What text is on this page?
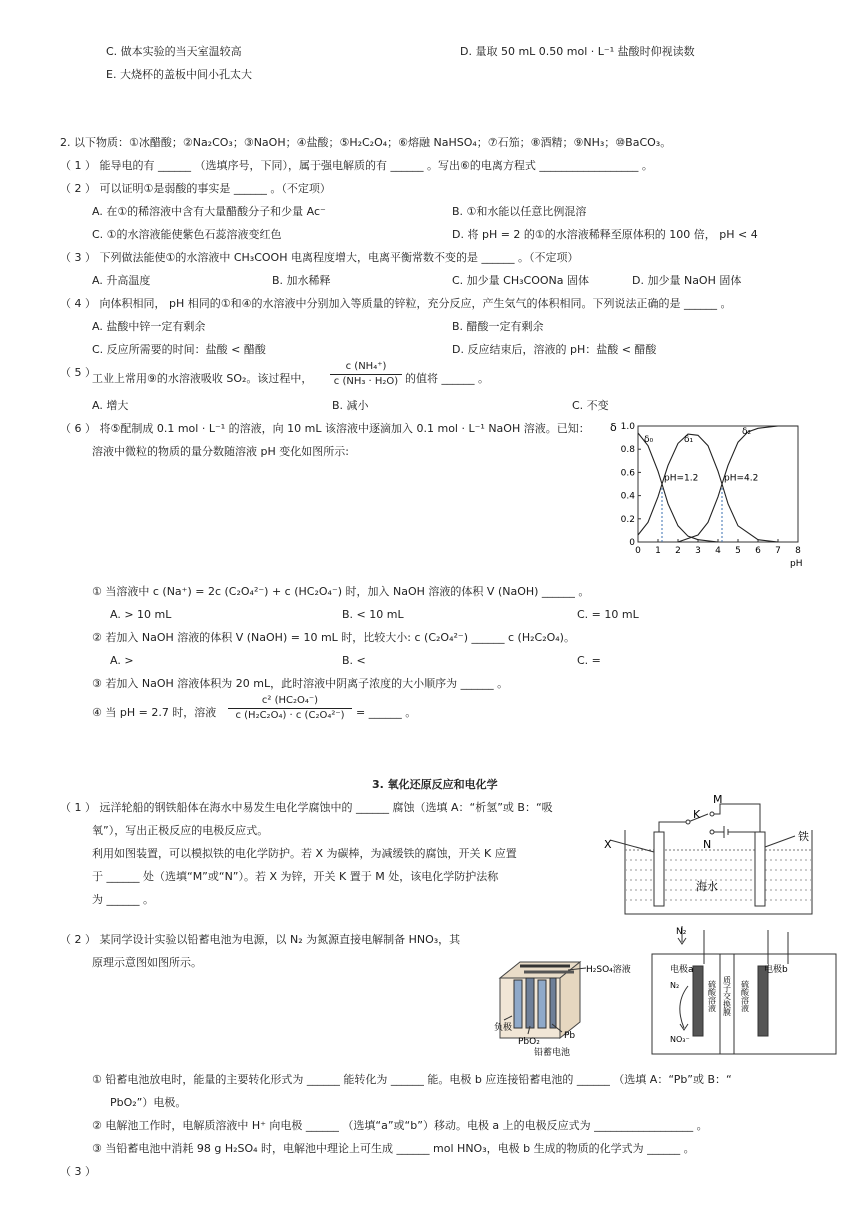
C. 做本实验的当天室温较高	D. 量取 50 mL 0.50 mol · L⁻¹ 盐酸时仰视读数
E. 大烧杯的盖板中间小孔太大
2. 以下物质：①冰醋酸；②Na₂CO₃；③NaOH；④盐酸；⑤H₂C₂O₄；⑥熔融 NaHSO₄；⑦石笳；⑧酒精；⑨NH₃；⑩BaCO₃。
（ 1 ） 能导电的有 ______ （选填序号，下同），属于强电解质的有 ______ 。写出⑥的电离方程式 __________________ 。
（ 2 ） 可以证明①是弱酸的事实是 ______ 。（不定项）
A. 在①的稀溶液中含有大量醋酸分子和少量 Ac⁻	B. ①和水能以任意比例混溶
C. ①的水溶液能使紫色石蕊溶液变红色	D. 将 pH = 2 的①的水溶液稀释至原体积的 100 倍， pH < 4
（ 3 ） 下列做法能使①的水溶液中 CH₃COOH 电离程度增大，电离平衡常数不变的是 ______ 。（不定项）
A. 升高温度	B. 加水稀释	C. 加少量 CH₃COONa 固体	D. 加少量 NaOH 固体
（ 4 ） 向体积相同， pH 相同的①和④的水溶液中分别加入等质量的锌粒，充分反应，产生気气的体积相同。下列说法正确的是 ______ 。
A. 盐酸中锌一定有剩余	B. 醋酸一定有剩余
C. 反应所需要的时间：盐酸 < 醋酸	D. 反应结束后，溶液的 pH：盐酸 < 醋酸
（ 5 ）
工业上常用⑨的水溶液吸收 SO₂。该过程中， $\frac{\text{c (NH₄⁺)}}{\text{c (NH₃ · H₂O)}}$ 的值将 ______ 。
A. 增大	B. 减小	C. 不变
（ 6 ） 将⑤配制成 0.1 mol · L⁻¹ 的溶液，向 10 mL 该溶液中逐滴加入 0.1 mol · L⁻¹ NaOH 溶液。已知：
溶液中微粒的物质的量分数随溶液 pH 变化如图所示:
δ
pH
0 1 2 3 4 5 6 7 8
0
0.2
0.4
0.6
0.8
1.0
δ₀	δ₁
δ₂
pH=1.2	pH=4.2
① 当溶液中 c (Na⁺) = 2c (C₂O₄²⁻) + c (HC₂O₄⁻) 时，加入 NaOH 溶液的体积 V (NaOH) ______ 。
A. > 10 mL	B. < 10 mL	C. = 10 mL
② 若加入 NaOH 溶液的体积 V (NaOH) = 10 mL 时，比较大小: c (C₂O₄²⁻) ______ c (H₂C₂O₄)。
A. >	B. <	C. =
③ 若加入 NaOH 溶液体积为 20 mL，此时溶液中阴离子浓度的大小顺序为 ______ 。
④ 当 pH = 2.7 时，溶液 $\frac{\text{c² (HC₂O₄⁻)}}{\text{c (H₂C₂O₄) · c (C₂O₄²⁻)}}$ = ______ 。
3. 氧化还原反应和电化学
（ 1 ） 远洋轮船的钢铁船体在海水中易发生电化学腐蚀中的 ______ 腐蚀（选填 A：“析氢”或 B：“吸
氧”），写出正极反应的电极反应式。
利用如图装置，可以模拟铁的电化学防护。若 X 为碳棒，为减缓铁的腐蚀，开关 K 应置
于 ______ 处（选填“M”或“N”）。若 X 为锌，开关 K 置于 M 处，该电化学防护法称
为 ______ 。
M
K
N
X
铁
海水
（ 2 ） 某同学设计实验以铅蓄电池为电源，以 N₂ 为氮源直接电解制备 HNO₃，其
原理示意图如图所示。
H₂SO₄溶液
负极
PbO₂
Pb
铅蓄电池
N₂
电极a	电极b
N₂
NO₃⁻
质子交换膜
硫酸溶液	硫酸溶液
① 铅蓄电池放电时，能量的主要转化形式为 ______ 能转化为 ______ 能。电极 b 应连接铅蓄电池的 ______ （选填 A：“Pb”或 B：“
PbO₂”）电极。
② 电解池工作时，电解质溶液中 H⁺ 向电极 ______ （选填“a”或“b”）移动。电极 a 上的电极反应式为 __________________ 。
③ 当铅蓄电池中消耗 98 g H₂SO₄ 时，电解池中理论上可生成 ______ mol HNO₃，电极 b 生成的物质的化学式为 ______ 。
（ 3 ）
